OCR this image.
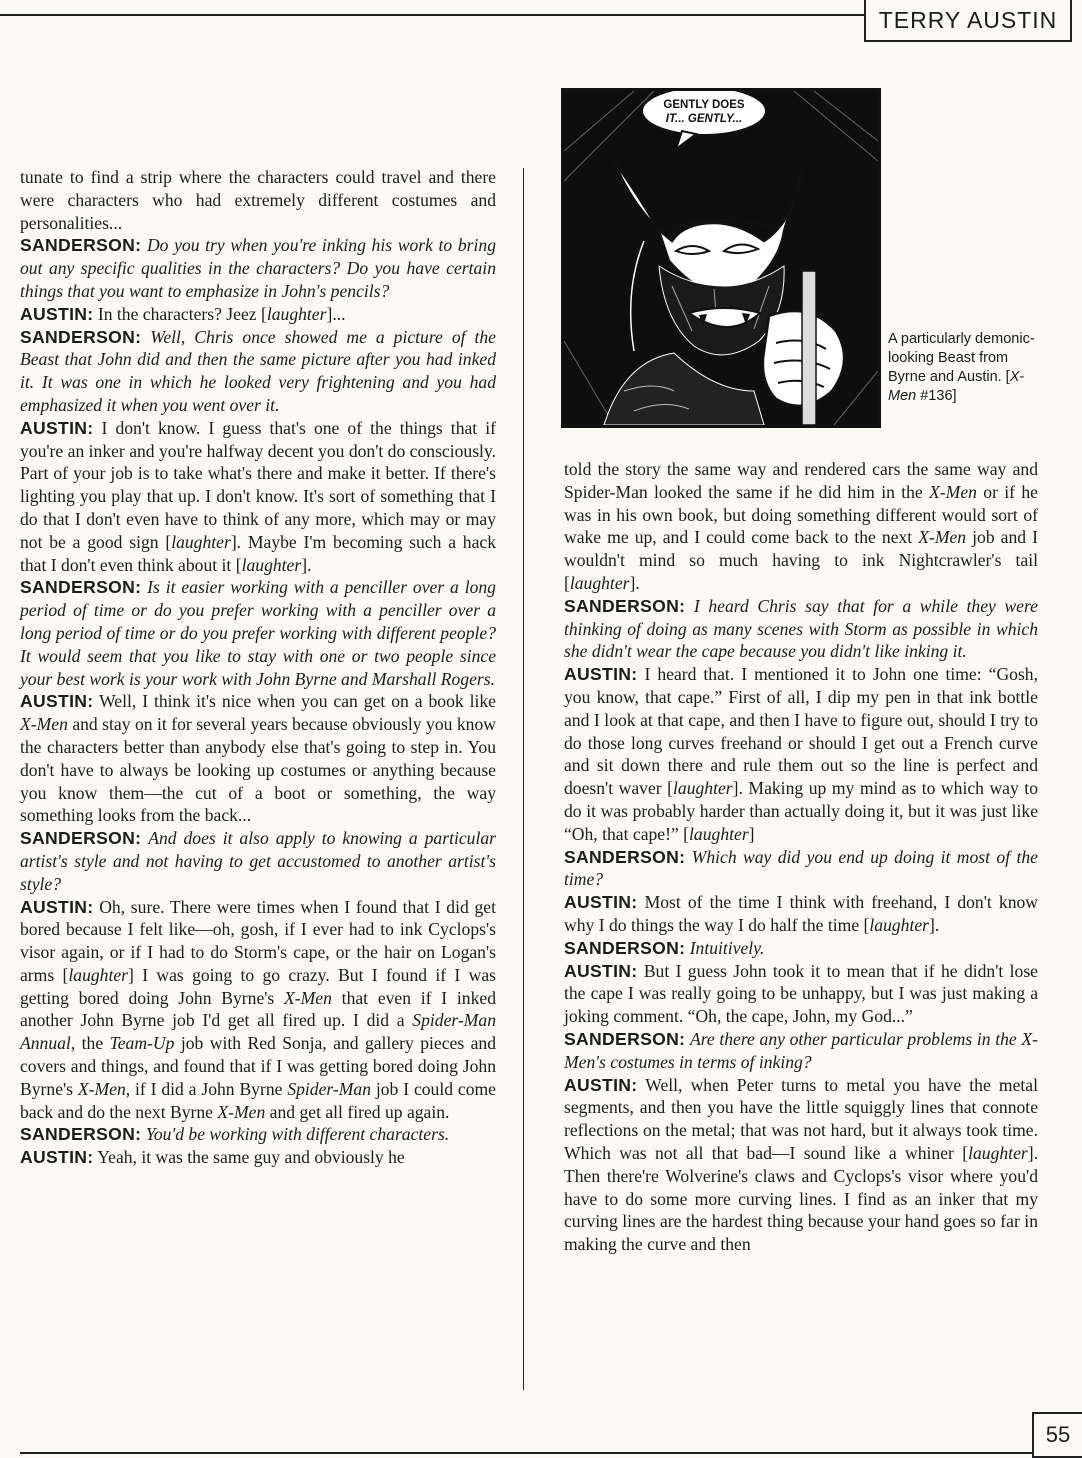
TERRY AUSTIN

tunate to find a strip where the characters could travel and there were characters who had extremely different costumes and personalities...

SANDERSON: Do you try when you're inking his work to bring out any specific qualities in the characters? Do you have certain things that you want to emphasize in John's pencils?

AUSTIN: In the characters? Jeez [laughter]...

SANDERSON: Well, Chris once showed me a picture of the Beast that John did and then the same picture after you had inked it. It was one in which he looked very frightening and you had emphasized it when you went over it.

AUSTIN: I don't know. I guess that's one of the things that if you're an inker and you're halfway decent you don't do consciously. Part of your job is to take what's there and make it better. If there's lighting you play that up. I don't know. It's sort of something that I do that I don't even have to think of any more, which may or may not be a good sign [laughter]. Maybe I'm becoming such a hack that I don't even think about it [laughter].

SANDERSON: Is it easier working with a penciller over a long period of time or do you prefer working with a penciller over a long period of time or do you prefer working with different people? It would seem that you like to stay with one or two people since your best work is your work with John Byrne and Marshall Rogers.

AUSTIN: Well, I think it's nice when you can get on a book like X-Men and stay on it for several years because obviously you know the characters better than anybody else that's going to step in. You don't have to always be looking up costumes or anything because you know them—the cut of a boot or something, the way something looks from the back...

SANDERSON: And does it also apply to knowing a particular artist's style and not having to get accustomed to another artist's style?

AUSTIN: Oh, sure. There were times when I found that I did get bored because I felt like—oh, gosh, if I ever had to ink Cyclops's visor again, or if I had to do Storm's cape, or the hair on Logan's arms [laughter] I was going to go crazy. But I found if I was getting bored doing John Byrne's X-Men that even if I inked another John Byrne job I'd get all fired up. I did a Spider-Man Annual, the Team-Up job with Red Sonja, and gallery pieces and covers and things, and found that if I was getting bored doing John Byrne's X-Men, if I did a John Byrne Spider-Man job I could come back and do the next Byrne X-Men and get all fired up again.

SANDERSON: You'd be working with different characters.

AUSTIN: Yeah, it was the same guy and obviously he

GENTLY DOES
IT... GENTLY...
A particularly demonic-looking Beast from Byrne and Austin. [X-Men #136]

told the story the same way and rendered cars the same way and Spider-Man looked the same if he did him in the X-Men or if he was in his own book, but doing something different would sort of wake me up, and I could come back to the next X-Men job and I wouldn't mind so much having to ink Nightcrawler's tail [laughter].

SANDERSON: I heard Chris say that for a while they were thinking of doing as many scenes with Storm as possible in which she didn't wear the cape because you didn't like inking it.

AUSTIN: I heard that. I mentioned it to John one time: “Gosh, you know, that cape.” First of all, I dip my pen in that ink bottle and I look at that cape, and then I have to figure out, should I try to do those long curves freehand or should I get out a French curve and sit down there and rule them out so the line is perfect and doesn't waver [laughter]. Making up my mind as to which way to do it was probably harder than actually doing it, but it was just like “Oh, that cape!” [laughter]

SANDERSON: Which way did you end up doing it most of the time?

AUSTIN: Most of the time I think with freehand, I don't know why I do things the way I do half the time [laughter].

SANDERSON: Intuitively.

AUSTIN: But I guess John took it to mean that if he didn't lose the cape I was really going to be unhappy, but I was just making a joking comment. “Oh, the cape, John, my God...”

SANDERSON: Are there any other particular problems in the X-Men's costumes in terms of inking?

AUSTIN: Well, when Peter turns to metal you have the metal segments, and then you have the little squiggly lines that connote reflections on the metal; that was not hard, but it always took time. Which was not all that bad—I sound like a whiner [laughter]. Then there're Wolverine's claws and Cyclops's visor where you'd have to do some more curving lines. I find as an inker that my curving lines are the hardest thing because your hand goes so far in making the curve and then

55
